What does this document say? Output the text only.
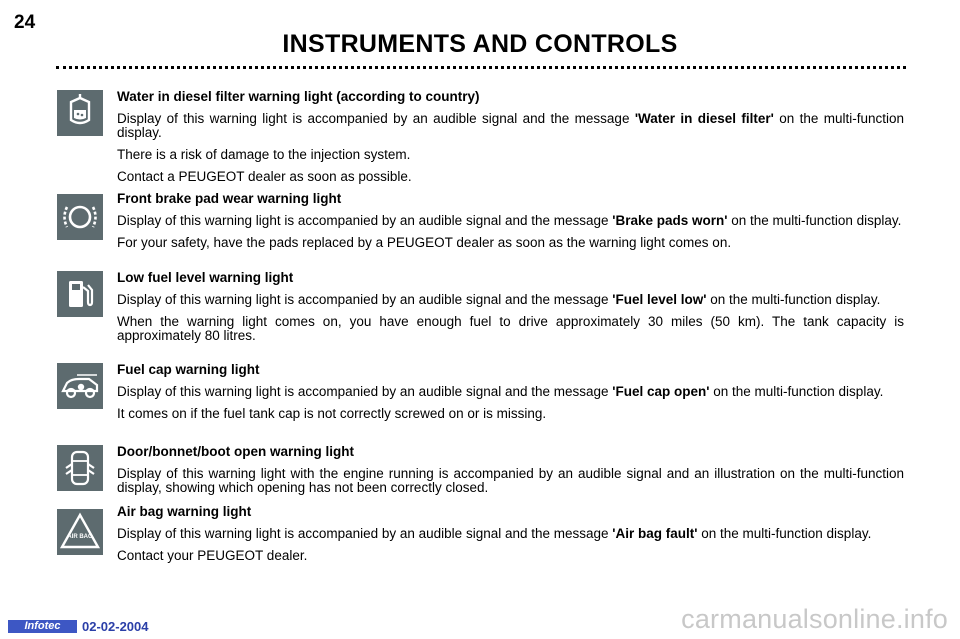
24
INSTRUMENTS AND CONTROLS
Water in diesel filter warning light (according to country)
Display of this warning light is accompanied by an audible signal and the message 'Water in diesel filter' on the multi-function display.
There is a risk of damage to the injection system.
Contact a PEUGEOT dealer as soon as possible.
Front brake pad wear warning light
Display of this warning light is accompanied by an audible signal and the message 'Brake pads worn' on the multi-function display.
For your safety, have the pads replaced by a PEUGEOT dealer as soon as the warning light comes on.
Low fuel level warning light
Display of this warning light is accompanied by an audible signal and the message 'Fuel level low' on the multi-function display.
When the warning light comes on, you have enough fuel to drive approximately 30 miles (50 km). The tank capacity is approximately 80 litres.
Fuel cap warning light
Display of this warning light is accompanied by an audible signal and the message 'Fuel cap open' on the multi-function display.
It comes on if the fuel tank cap is not correctly screwed on or is missing.
Door/bonnet/boot open warning light
Display of this warning light with the engine running is accompanied by an audible signal and an illustration on the multi-function display, showing which opening has not been correctly closed.
AIR BAG
Air bag warning light
Display of this warning light is accompanied by an audible signal and the message 'Air bag fault' on the multi-function display.
Contact your PEUGEOT dealer.
Infotec	02-02-2004	carmanualsonline.info
